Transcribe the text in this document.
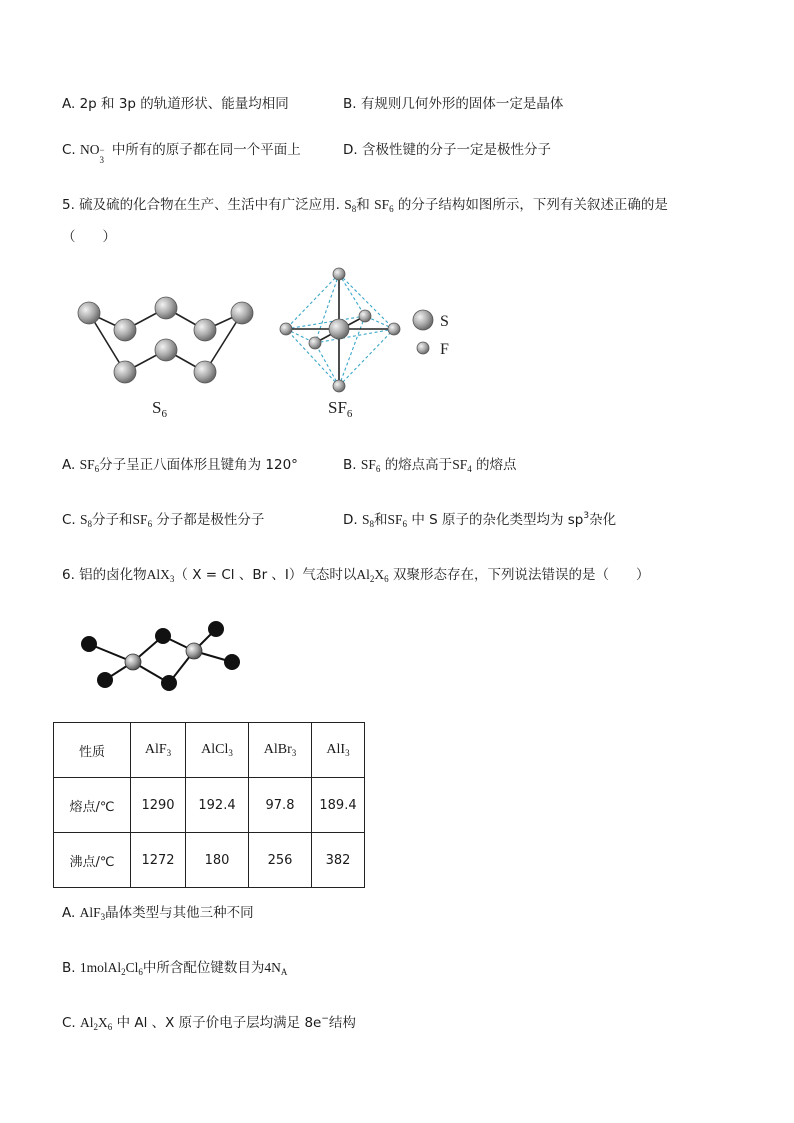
A. 2p 和 3p 的轨道形状、能量均相同	B. 有规则几何外形的固体一定是晶体
C. NO −
3
中所有的原子都在同一个平面上	D. 含极性键的分子一定是极性分子
5. 硫及硫的化合物在生产、生活中有广泛应用. $S_8$和 $SF_6$ 的分子结构如图所示，下列有关叙述正确的是
（　　）
$S_6$	$SF_6$
S
F
A. $SF_6$分子呈正八面体形且键角为 120°	B. $SF_6$ 的熔点高于$SF_4$ 的熔点
C. $S_8$分子和$SF_6$ 分子都是极性分子	D. $S_8$和$SF_6$ 中 S 原子的杂化类型均为 $sp^3$杂化
6. 铝的卤化物AlX$_3$（ X = Cl 、Br 、I）气态时以$Al_2X_6$ 双聚形态存在，下列说法错误的是（　　）
性质	AlF$_3$	AlCl$_3$	AlBr$_3$	AlI$_3$
熔点/℃	1290	192.4	97.8	189.4
沸点/℃	1272	180	256	382
A. AlF$_3$晶体类型与其他三种不同
B. $1molAl_2Cl_6$中所含配位键数目为$4N_A$
C. $Al_2X_6$ 中 Al 、X 原子价电子层均满足 8e−结构
